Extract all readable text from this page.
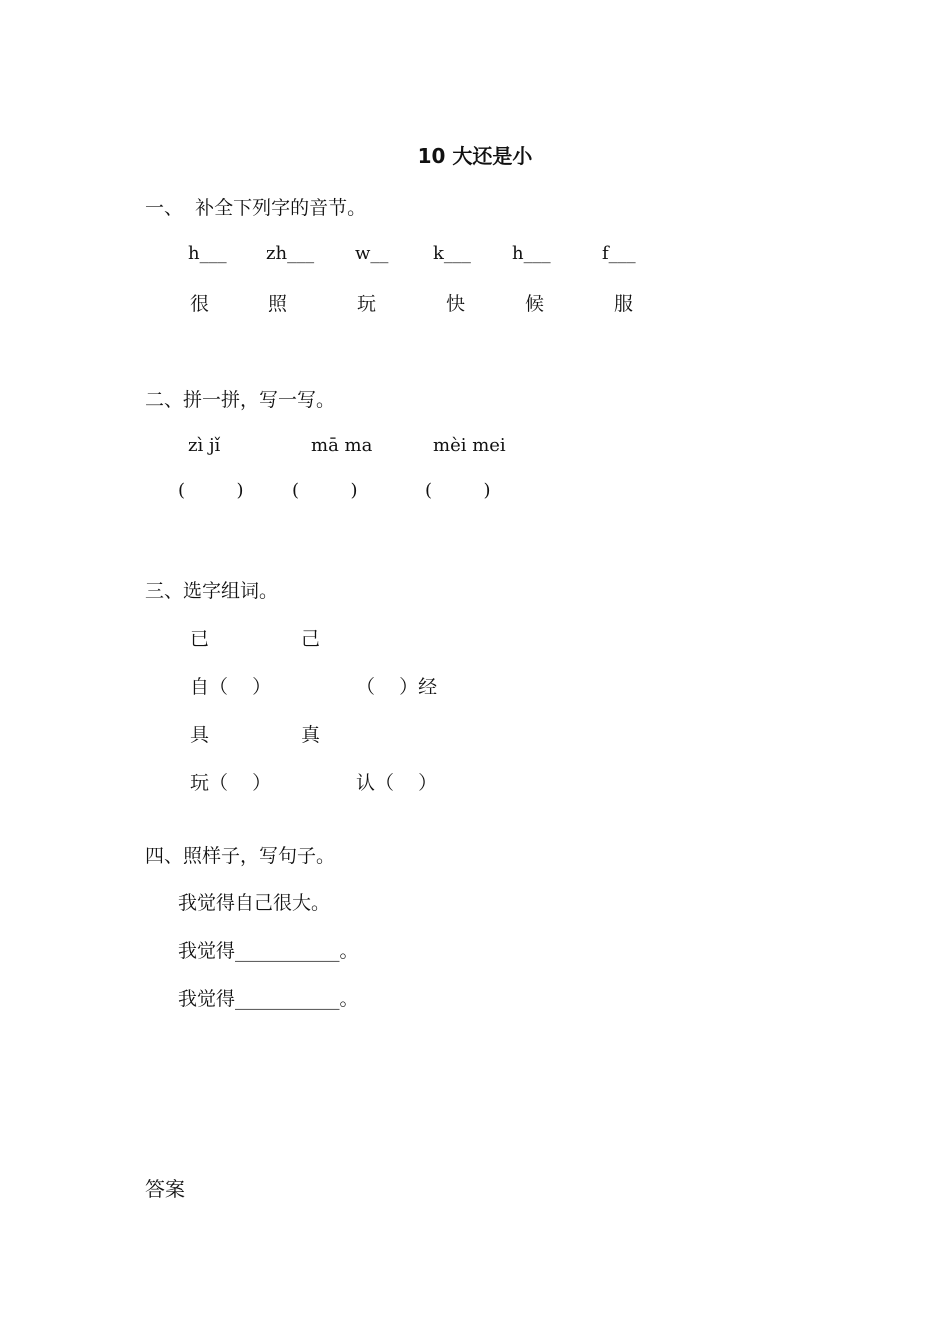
10 大还是小
一、  补全下列字的音节。
h___ zh___ w__ k___ h___	f___
很	照	玩	快	候	服
二、拼一拼，写一写。
zì jǐ	mā ma	mèi mei
(         )	(         )	(         )
三、选字组词。
已	己
自（    ）	（    ）经
具	真
玩（    ）	认（    ）
四、照样子，写句子。
我觉得自己很大。
我觉得___________。
我觉得___________。
答案
